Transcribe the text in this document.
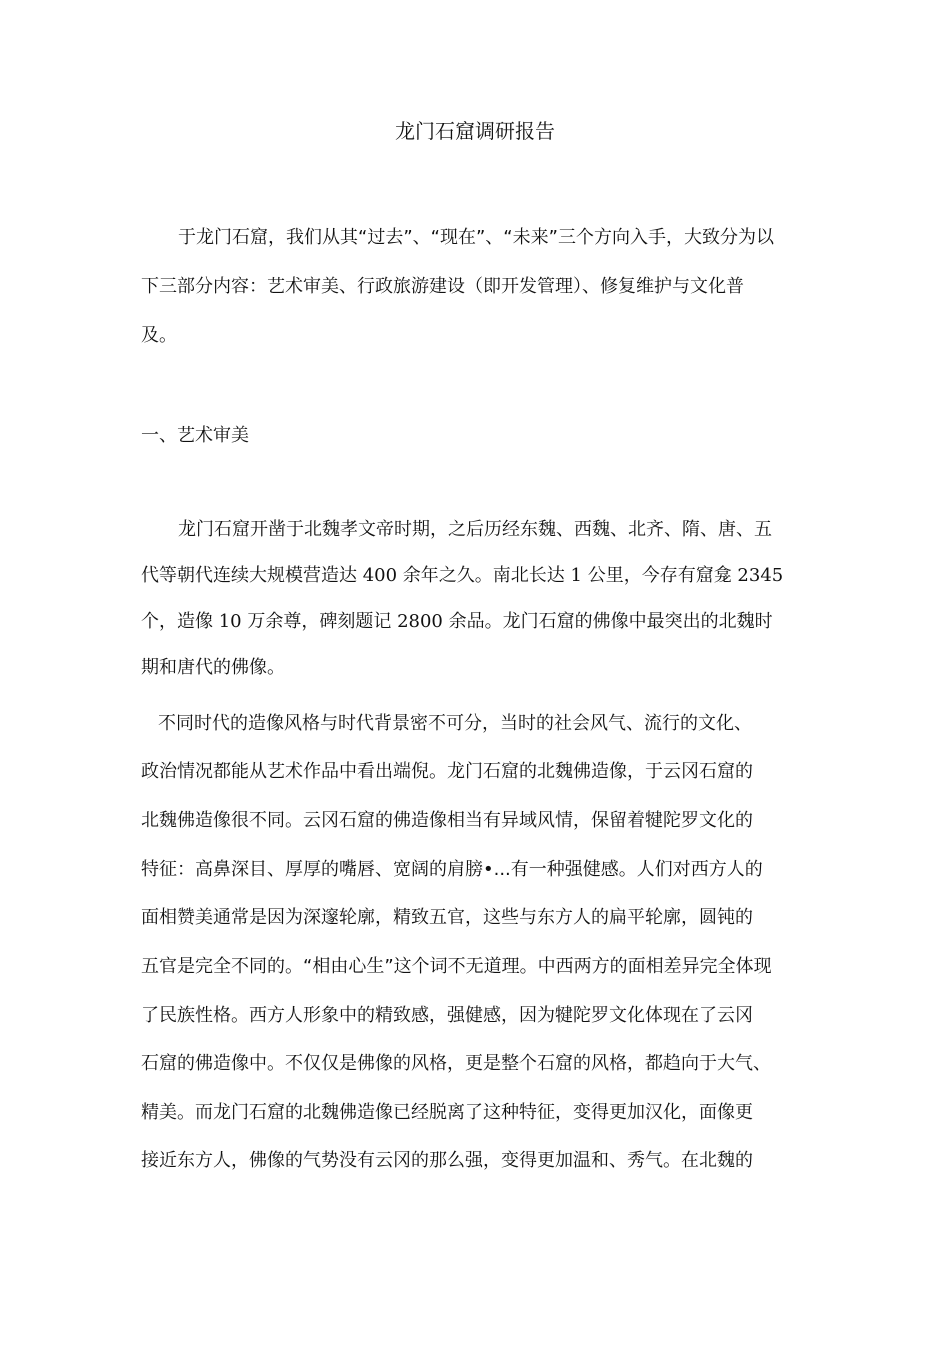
龙门石窟调研报告
于龙门石窟，我们从其“过去”、“现在”、“未来”三个方向入手，大致分为以
下三部分内容：艺术审美、行政旅游建设（即开发管理）、修复维护与文化普
及。
一、艺术审美
龙门石窟开凿于北魏孝文帝时期，之后历经东魏、西魏、北齐、隋、唐、五
代等朝代连续大规模营造达 400 余年之久。南北长达 1 公里，今存有窟龛 2345
个，造像 10 万余尊，碑刻题记 2800 余品。龙门石窟的佛像中最突出的北魏时
期和唐代的佛像。
不同时代的造像风格与时代背景密不可分，当时的社会风气、流行的文化、
政治情况都能从艺术作品中看出端倪。龙门石窟的北魏佛造像，于云冈石窟的
北魏佛造像很不同。云冈石窟的佛造像相当有异域风情，保留着犍陀罗文化的
特征：高鼻深目、厚厚的嘴唇、宽阔的肩膀•...有一种强健感。人们对西方人的
面相赞美通常是因为深邃轮廓，精致五官，这些与东方人的扁平轮廓，圆钝的
五官是完全不同的。“相由心生”这个词不无道理。中西两方的面相差异完全体现
了民族性格。西方人形象中的精致感，强健感，因为犍陀罗文化体现在了云冈
石窟的佛造像中。不仅仅是佛像的风格，更是整个石窟的风格，都趋向于大气、
精美。而龙门石窟的北魏佛造像已经脱离了这种特征，变得更加汉化，面像更
接近东方人，佛像的气势没有云冈的那么强，变得更加温和、秀气。在北魏的
